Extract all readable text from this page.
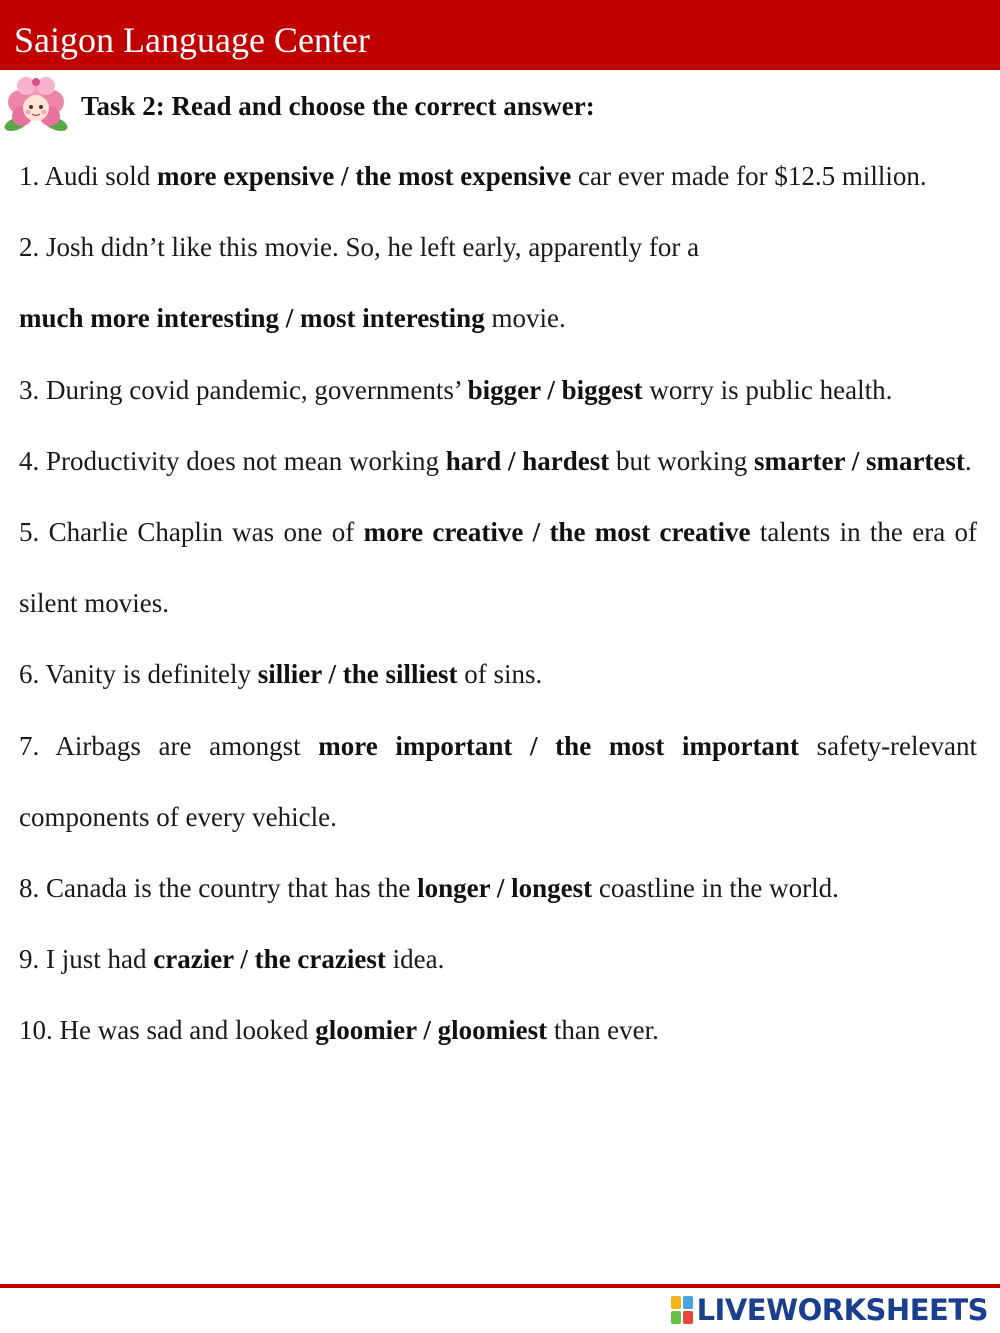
Saigon Language Center
Task 2: Read and choose the correct answer:

1. Audi sold more expensive / the most expensive car ever made for $12.5 million.

2. Josh didn’t like this movie. So, he left early, apparently for a
much more interesting / most interesting movie.

3. During covid pandemic, governments’ bigger / biggest worry is public health.

4. Productivity does not mean working hard / hardest but working smarter / smartest.

5. Charlie Chaplin was one of more creative / the most creative talents in the era of silent movies.

6. Vanity is definitely sillier / the silliest of sins.

7. Airbags are amongst more important / the most important safety-relevant components of every vehicle.

8. Canada is the country that has the longer / longest coastline in the world.

9. I just had crazier / the craziest idea.

10. He was sad and looked gloomier / gloomiest than ever.

LIVEWORKSHEETS
